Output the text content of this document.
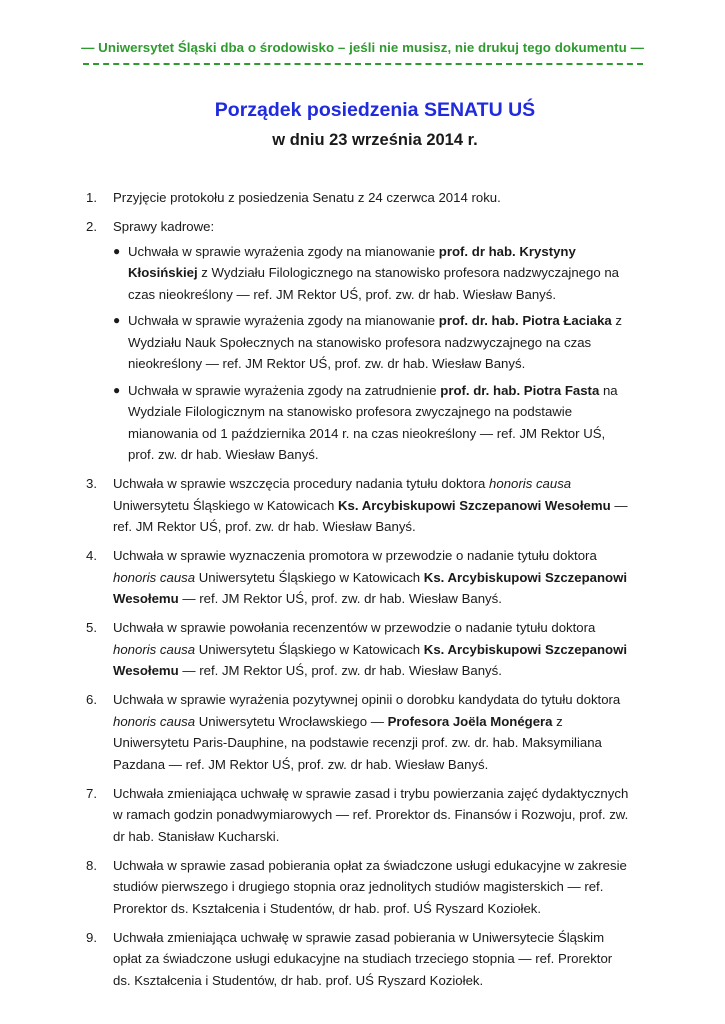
— Uniwersytet Śląski dba o środowisko – jeśli nie musisz, nie drukuj tego dokumentu —
Porządek posiedzenia SENATU UŚ
w dniu 23 września 2014 r.
1. Przyjęcie protokołu z posiedzenia Senatu z 24 czerwca 2014 roku.
2. Sprawy kadrowe:
● Uchwała w sprawie wyrażenia zgody na mianowanie prof. dr hab. Krystyny Kłosińskiej z Wydziału Filologicznego na stanowisko profesora nadzwyczajnego na czas nieokreślony — ref. JM Rektor UŚ, prof. zw. dr hab. Wiesław Banyś.
● Uchwała w sprawie wyrażenia zgody na mianowanie prof. dr. hab. Piotra Łaciaka z Wydziału Nauk Społecznych na stanowisko profesora nadzwyczajnego na czas nieokreślony — ref. JM Rektor UŚ, prof. zw. dr hab. Wiesław Banyś.
● Uchwała w sprawie wyrażenia zgody na zatrudnienie prof. dr. hab. Piotra Fasta na Wydziale Filologicznym na stanowisko profesora zwyczajnego na podstawie mianowania od 1 października 2014 r. na czas nieokreślony — ref. JM Rektor UŚ, prof. zw. dr hab. Wiesław Banyś.
3. Uchwała w sprawie wszczęcia procedury nadania tytułu doktora honoris causa Uniwersytetu Śląskiego w Katowicach Ks. Arcybiskupowi Szczepanowi Wesołemu — ref. JM Rektor UŚ, prof. zw. dr hab. Wiesław Banyś.
4. Uchwała w sprawie wyznaczenia promotora w przewodzie o nadanie tytułu doktora honoris causa Uniwersytetu Śląskiego w Katowicach Ks. Arcybiskupowi Szczepanowi Wesołemu — ref. JM Rektor UŚ, prof. zw. dr hab. Wiesław Banyś.
5. Uchwała w sprawie powołania recenzentów w przewodzie o nadanie tytułu doktora honoris causa Uniwersytetu Śląskiego w Katowicach Ks. Arcybiskupowi Szczepanowi Wesołemu — ref. JM Rektor UŚ, prof. zw. dr hab. Wiesław Banyś.
6. Uchwała w sprawie wyrażenia pozytywnej opinii o dorobku kandydata do tytułu doktora honoris causa Uniwersytetu Wrocławskiego — Profesora Joëla Monégera z Uniwersytetu Paris-Dauphine, na podstawie recenzji prof. zw. dr. hab. Maksymiliana Pazdana — ref. JM Rektor UŚ, prof. zw. dr hab. Wiesław Banyś.
7. Uchwała zmieniająca uchwałę w sprawie zasad i trybu powierzania zajęć dydaktycznych w ramach godzin ponadwymiarowych — ref. Prorektor ds. Finansów i Rozwoju, prof. zw. dr hab. Stanisław Kucharski.
8. Uchwała w sprawie zasad pobierania opłat za świadczone usługi edukacyjne w zakresie studiów pierwszego i drugiego stopnia oraz jednolitych studiów magisterskich — ref. Prorektor ds. Kształcenia i Studentów, dr hab. prof. UŚ Ryszard Koziołek.
9. Uchwała zmieniająca uchwałę w sprawie zasad pobierania w Uniwersytecie Śląskim opłat za świadczone usługi edukacyjne na studiach trzeciego stopnia — ref. Prorektor ds. Kształcenia i Studentów, dr hab. prof. UŚ Ryszard Koziołek.
